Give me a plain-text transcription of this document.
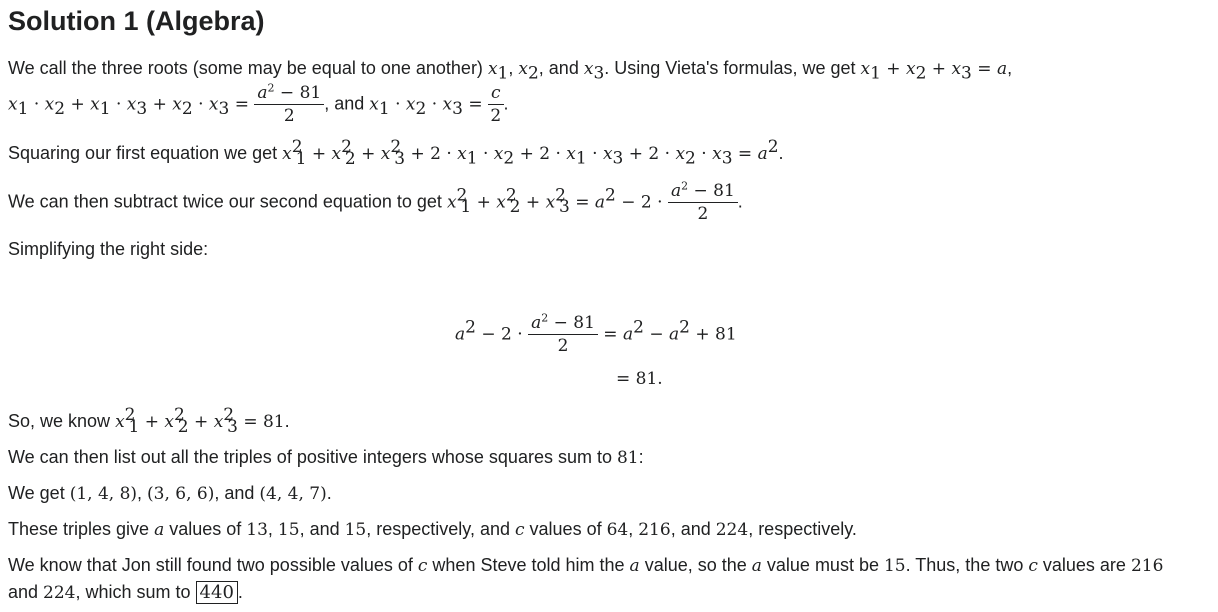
Solution 1 (Algebra)
We call the three roots (some may be equal to one another) $x_1$, $x_2$, and $x_3$. Using Vieta's formulas, we get $x_1 + x_2 + x_3 = a$,
$x_1 \cdot x_2 + x_1 \cdot x_3 + x_2 \cdot x_3 = \frac{a^2 - 81}{2}$ , and $x_1 \cdot x_2 \cdot x_3 = \frac{c}{2}$ .
Squaring our first equation we get $x^2_1 + x^2_2 + x^2_3 + 2 \cdot x_1 \cdot x_2 + 2 \cdot x_1 \cdot x_3 + 2 \cdot x_2 \cdot x_3 = a^2$.
We can then subtract twice our second equation to get $x^2_1 + x^2_2 + x^2_3 = a^2 - 2 \cdot \frac{a^2 - 81}{2}$ .
Simplifying the right side:
$a^2 - 2 \cdot \frac{a^2 - 81}{2} = a^2 - a^2 + 81$
= 81.
So, we know $x^2_1 + x^2_2 + x^2_3 = 81$.
We can then list out all the triples of positive integers whose squares sum to 81:
We get (1, 4, 8), (3, 6, 6), and (4, 4, 7).
These triples give a values of 13, 15, and 15, respectively, and c values of 64, 216, and 224, respectively.
We know that Jon still found two possible values of c when Steve told him the a value, so the a value must be 15. Thus, the two c values are 216
and 224, which sum to 440 .
